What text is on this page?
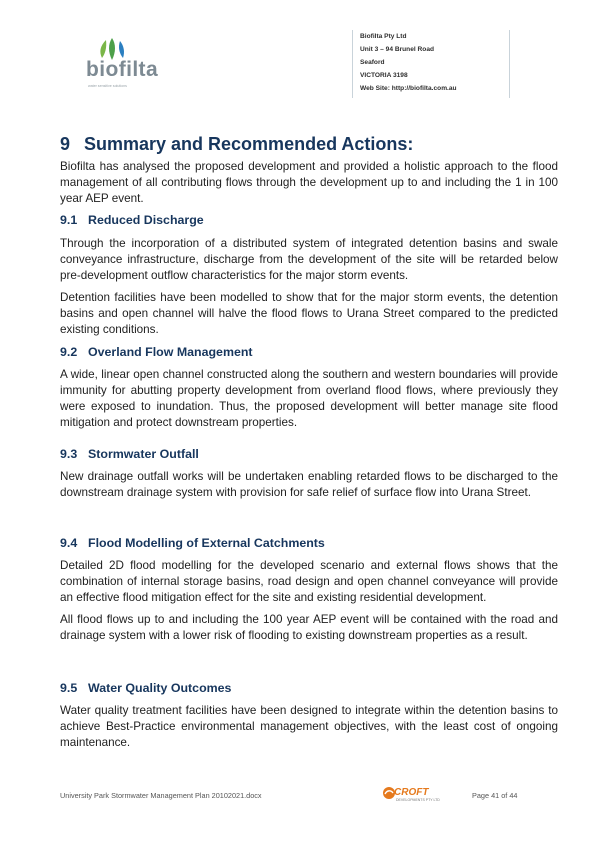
biofilta
water sensitive solutions
Biofilta Pty Ltd
Unit 3 – 94 Brunel Road
Seaford
VICTORIA 3198
Web Site: http://biofilta.com.au
9 Summary and Recommended Actions:

Biofilta has analysed the proposed development and provided a holistic approach to the flood management of all contributing flows through the development up to and including the 1 in 100 year AEP event.

9.1 Reduced Discharge

Through the incorporation of a distributed system of integrated detention basins and swale conveyance infrastructure, discharge from the development of the site will be retarded below pre-development outflow characteristics for the major storm events.

Detention facilities have been modelled to show that for the major storm events, the detention basins and open channel will halve the flood flows to Urana Street compared to the predicted existing conditions.

9.2 Overland Flow Management

A wide, linear open channel constructed along the southern and western boundaries will provide immunity for abutting property development from overland flood flows, where previously they were exposed to inundation. Thus, the proposed development will better manage site flood mitigation and protect downstream properties.

9.3 Stormwater Outfall

New drainage outfall works will be undertaken enabling retarded flows to be discharged to the downstream drainage system with provision for safe relief of surface flow into Urana Street.

9.4 Flood Modelling of External Catchments

Detailed 2D flood modelling for the developed scenario and external flows shows that the combination of internal storage basins, road design and open channel conveyance will provide an effective flood mitigation effect for the site and existing residential development.

All flood flows up to and including the 100 year AEP event will be contained with the road and drainage system with a lower risk of flooding to existing downstream properties as a result.

9.5 Water Quality Outcomes

Water quality treatment facilities have been designed to integrate within the detention basins to achieve Best-Practice environmental management objectives, with the least cost of ongoing maintenance.

University Park Stormwater Management Plan 20102021.docx	CROFT
DEVELOPMENTS PTY LTD	Page 41 of 44
